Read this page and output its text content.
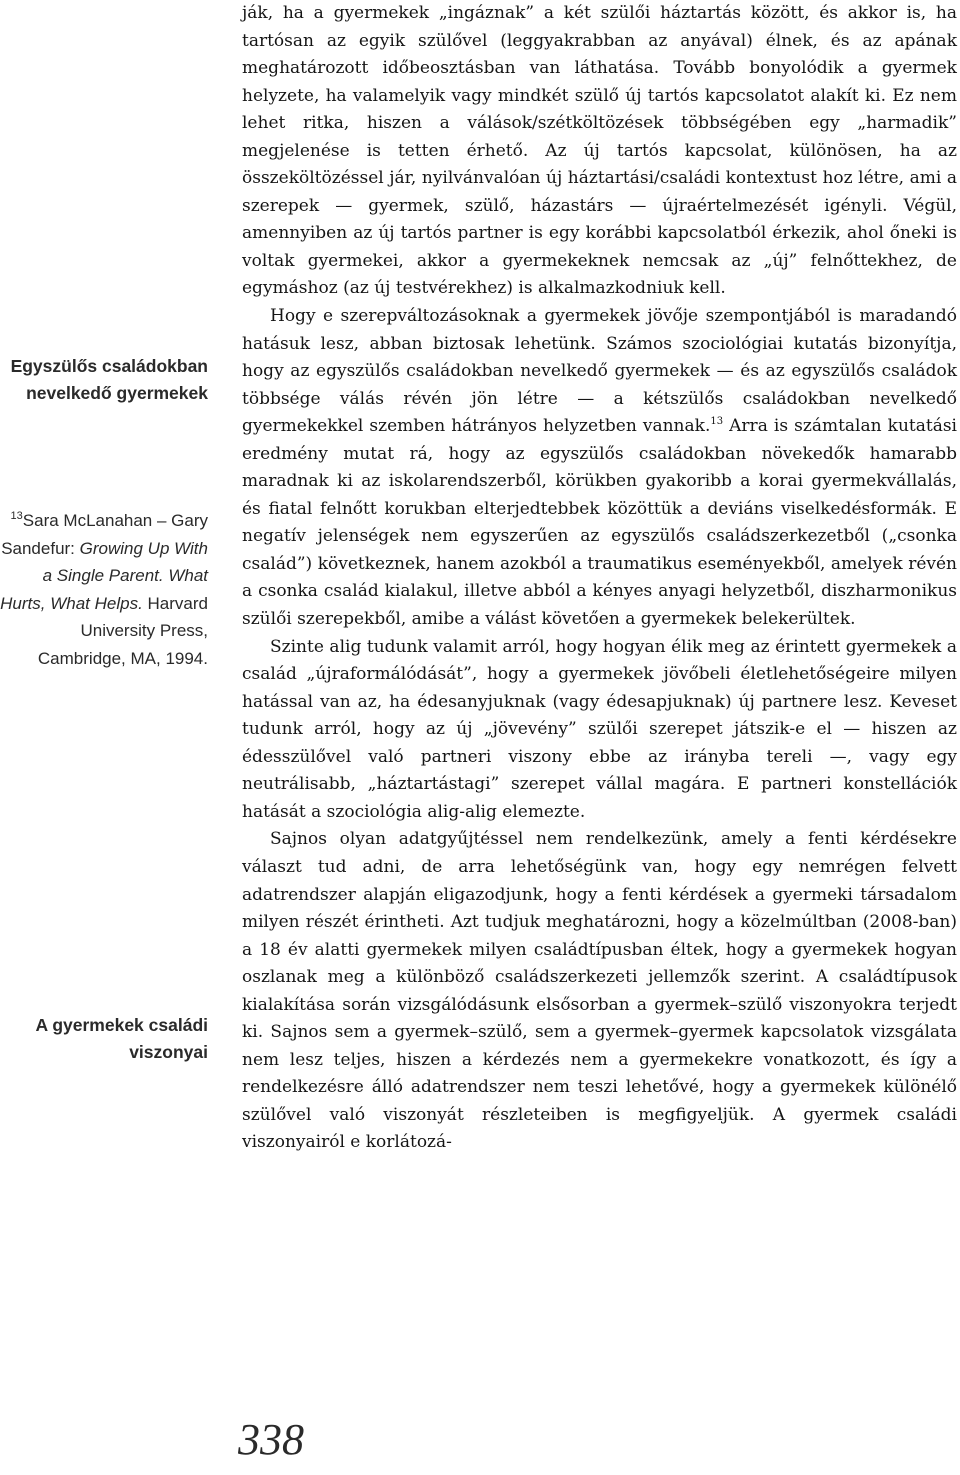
Egyszülős családokban nevelkedő gyermekek
$^{13}$Sara McLanahan – Gary Sandefur: Growing Up With a Single Parent. What Hurts, What Helps. Harvard University Press, Cambridge, MA, 1994.
A gyermekek családi viszonyai

ják, ha a gyermekek „ingáznak” a két szülői háztartás között, és akkor is, ha tartósan az egyik szülővel (leggyakrabban az anyával) élnek, és az apának meghatározott időbeosztásban van láthatása. Tovább bonyolódik a gyermek helyzete, ha valamelyik vagy mindkét szülő új tartós kapcsolatot alakít ki. Ez nem lehet ritka, hiszen a válások/szétköltözések többségében egy „harmadik” megjelenése is tetten érhető. Az új tartós kapcsolat, különösen, ha az összeköltözéssel jár, nyilvánvalóan új háztartási/családi kontextust hoz létre, ami a szerepek — gyermek, szülő, házastárs — újraértelmezését igényli. Végül, amennyiben az új tartós partner is egy korábbi kapcsolatból érkezik, ahol őneki is voltak gyermekei, akkor a gyermekeknek nemcsak az „új” felnőttekhez, de egymáshoz (az új testvérekhez) is alkalmazkodniuk kell.

Hogy e szerepváltozásoknak a gyermekek jövője szempontjából is maradandó hatásuk lesz, abban biztosak lehetünk. Számos szociológiai kutatás bizonyítja, hogy az egyszülős családokban nevelkedő gyermekek — és az egyszülős családok többsége válás révén jön létre — a kétszülős családokban nevelkedő gyermekekkel szemben hátrányos helyzetben vannak.$^{13}$ Arra is számtalan kutatási eredmény mutat rá, hogy az egyszülős családokban növekedők hamarabb maradnak ki az iskolarendszerből, körükben gyakoribb a korai gyermekvállalás, és fiatal felnőtt korukban elterjedtebbek közöttük a deviáns viselkedésformák. E negatív jelenségek nem egyszerűen az egyszülős családszerkezetből („csonka család”) következnek, hanem azokból a traumatikus eseményekből, amelyek révén a csonka család kialakul, illetve abból a kényes anyagi helyzetből, diszharmonikus szülői szerepekből, amibe a válást követően a gyermekek belekerültek.

Szinte alig tudunk valamit arról, hogy hogyan élik meg az érintett gyermekek a család „újraformálódását”, hogy a gyermekek jövőbeli életlehetőségeire milyen hatással van az, ha édesanyjuknak (vagy édesapjuknak) új partnere lesz. Keveset tudunk arról, hogy az új „jövevény” szülői szerepet játszik-e el — hiszen az édesszülővel való partneri viszony ebbe az irányba tereli —, vagy egy neutrálisabb, „háztartástagi” szerepet vállal magára. E partneri konstellációk hatását a szociológia alig-alig elemezte.

Sajnos olyan adatgyűjtéssel nem rendelkezünk, amely a fenti kérdésekre választ tud adni, de arra lehetőségünk van, hogy egy nemrégen felvett adatrendszer alapján eligazodjunk, hogy a fenti kérdések a gyermeki társadalom milyen részét érintheti. Azt tudjuk meghatározni, hogy a közelmúltban (2008-ban) a 18 év alatti gyermekek milyen családtípusban éltek, hogy a gyermekek hogyan oszlanak meg a különböző családszerkezeti jellemzők szerint. A családtípusok kialakítása során vizsgálódásunk elsősorban a gyermek–szülő viszonyokra terjedt ki. Sajnos sem a gyermek–szülő, sem a gyermek–gyermek kapcsolatok vizsgálata nem lesz teljes, hiszen a kérdezés nem a gyermekekre vonatkozott, és így a rendelkezésre álló adatrendszer nem teszi lehetővé, hogy a gyermekek különélő szülővel való viszonyát részleteiben is megfigyeljük. A gyermek családi viszonyairól e korlátozá-

338
